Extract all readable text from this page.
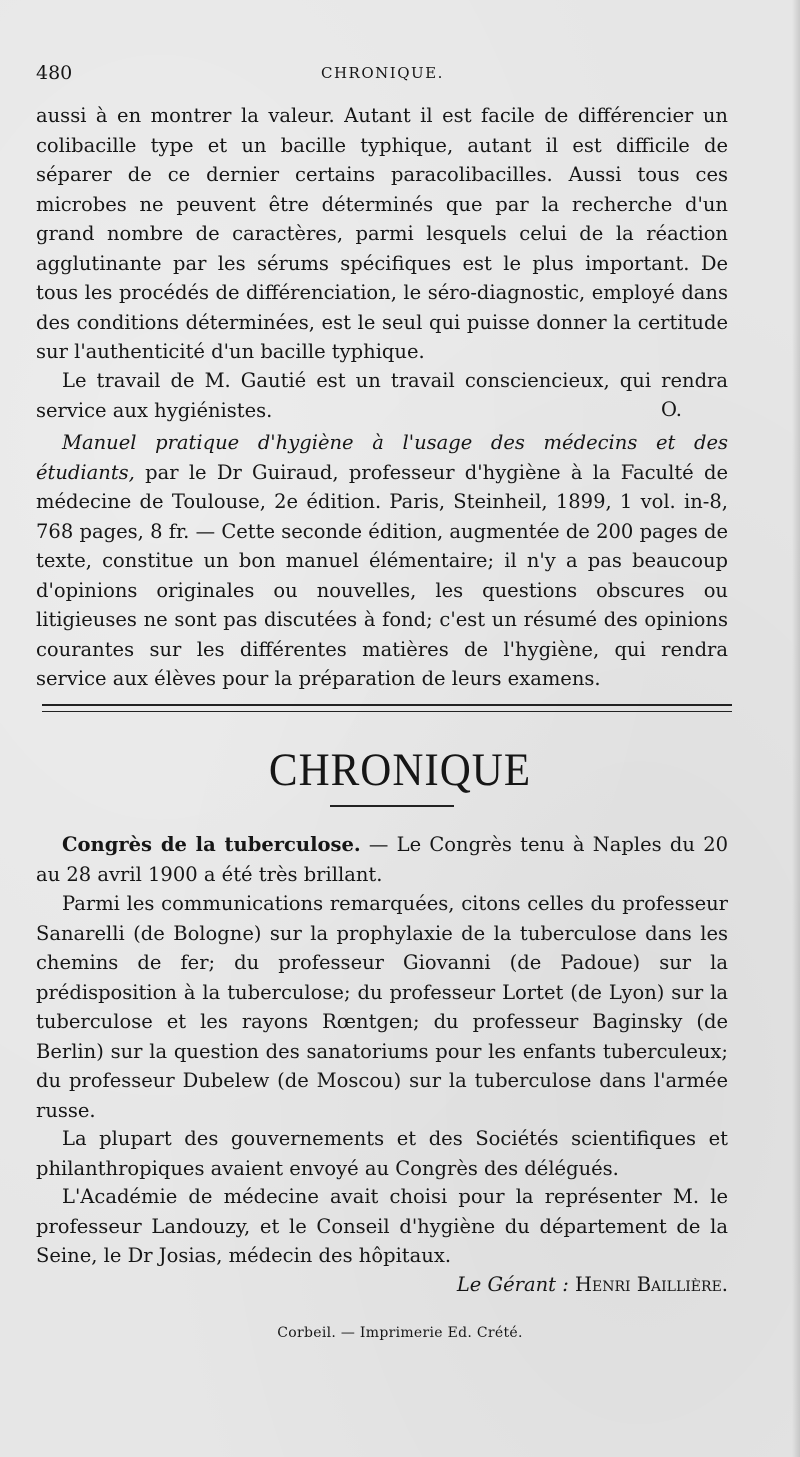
480	CHRONIQUE.

aussi à en montrer la valeur. Autant il est facile de différencier un colibacille type et un bacille typhique, autant il est difficile de séparer de ce dernier certains paracolibacilles. Aussi tous ces microbes ne peuvent être déterminés que par la recherche d'un grand nombre de caractères, parmi lesquels celui de la réaction agglutinante par les sérums spécifiques est le plus important. De tous les procédés de différenciation, le séro-diagnostic, employé dans des conditions déterminées, est le seul qui puisse donner la certitude sur l'authenticité d'un bacille typhique.

Le travail de M. Gautié est un travail consciencieux, qui rendra service aux hygiénistes.	O.

Manuel pratique d'hygiène à l'usage des médecins et des étudiants, par le Dr Guiraud, professeur d'hygiène à la Faculté de médecine de Toulouse, 2e édition. Paris, Steinheil, 1899, 1 vol. in-8, 768 pages, 8 fr. — Cette seconde édition, augmentée de 200 pages de texte, constitue un bon manuel élémentaire; il n'y a pas beaucoup d'opinions originales ou nouvelles, les questions obscures ou litigieuses ne sont pas discutées à fond; c'est un résumé des opinions courantes sur les différentes matières de l'hygiène, qui rendra service aux élèves pour la préparation de leurs examens.

CHRONIQUE

Congrès de la tuberculose. — Le Congrès tenu à Naples du 20 au 28 avril 1900 a été très brillant.

Parmi les communications remarquées, citons celles du professeur Sanarelli (de Bologne) sur la prophylaxie de la tuberculose dans les chemins de fer; du professeur Giovanni (de Padoue) sur la prédisposition à la tuberculose; du professeur Lortet (de Lyon) sur la tuberculose et les rayons Rœntgen; du professeur Baginsky (de Berlin) sur la question des sanatoriums pour les enfants tuberculeux; du professeur Dubelew (de Moscou) sur la tuberculose dans l'armée russe.

La plupart des gouvernements et des Sociétés scientifiques et philanthropiques avaient envoyé au Congrès des délégués.

L'Académie de médecine avait choisi pour la représenter M. le professeur Landouzy, et le Conseil d'hygiène du département de la Seine, le Dr Josias, médecin des hôpitaux.

Le Gérant : Henri Baillière.
Corbeil. — Imprimerie Ed. Crété.
